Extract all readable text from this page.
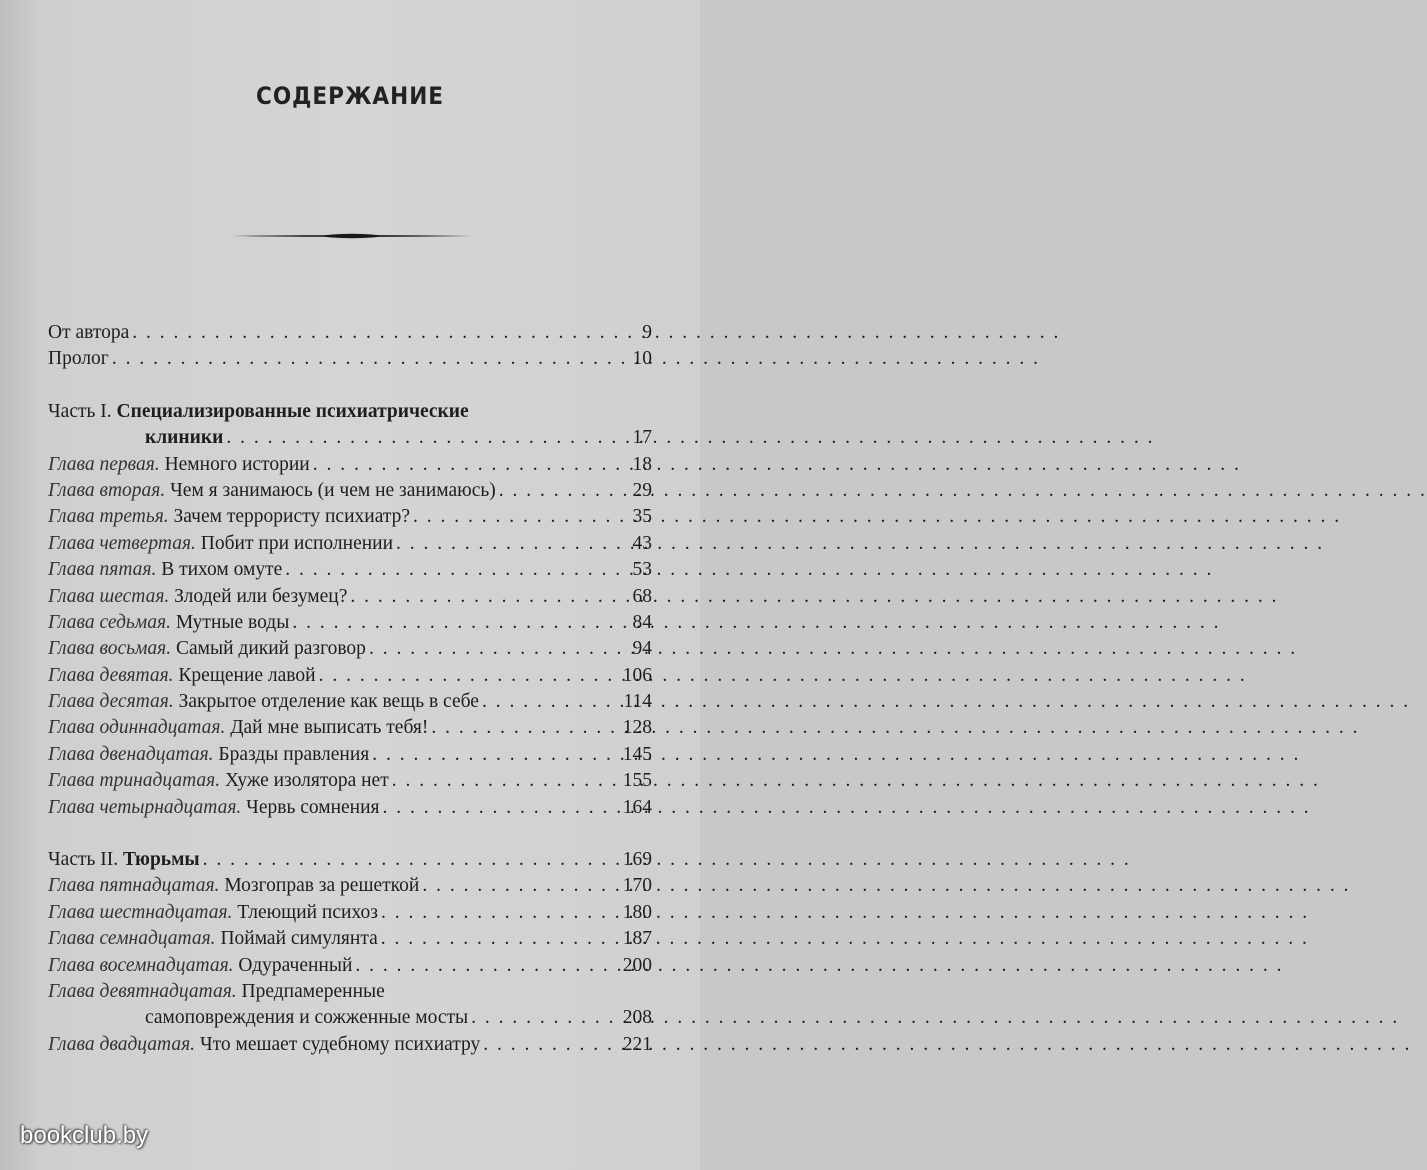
СОДЕРЖАНИЕ
От автора . . .	9
Пролог . . .	10
Часть I. Специализированные психиатрические
клиники . . .	17
Глава первая. Немного истории . . .	18
Глава вторая. Чем я занимаюсь (и чем не занимаюсь) . . .	29
Глава третья. Зачем террористу психиатр? . . .	35
Глава четвертая. Побит при исполнении . . .	43
Глава пятая. В тихом омуте . . .	53
Глава шестая. Злодей или безумец? . . .	68
Глава седьмая. Мутные воды . . .	84
Глава восьмая. Самый дикий разговор . . .	94
Глава девятая. Крещение лавой . . .	106
Глава десятая. Закрытое отделение как вещь в себе . . .	114
Глава одиннадцатая. Дай мне выписать тебя! . . .	128
Глава двенадцатая. Бразды правления . . .	145
Глава тринадцатая. Хуже изолятора нет . . .	155
Глава четырнадцатая. Червь сомнения . . .	164
Часть II. Тюрьмы . . .	169
Глава пятнадцатая. Мозгоправ за решеткой . . .	170
Глава шестнадцатая. Тлеющий психоз . . .	180
Глава семнадцатая. Поймай симулянта . . .	187
Глава восемнадцатая. Одураченный . . .	200
Глава девятнадцатая. Предпамеренные
самоповреждения и сожженные мосты . . .	208
Глава двадцатая. Что мешает судебному психиатру . . .	221
bookclub.by
